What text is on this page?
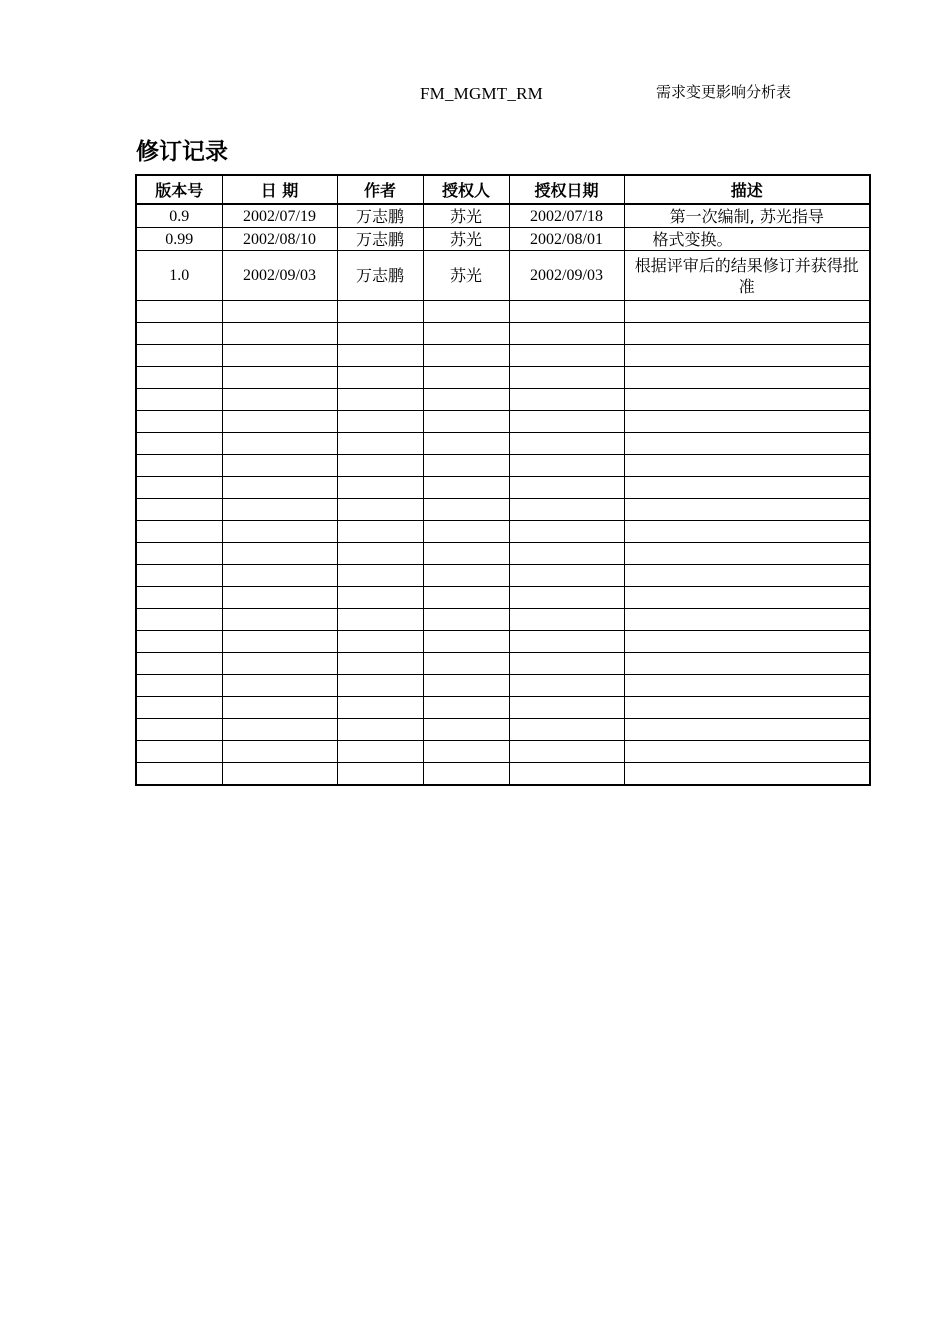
FM_MGMT_RM	需求变更影响分析表
修订记录
版本号	日 期	作者	授权人	授权日期	描述
0.9	2002/07/19	万志鹏	苏光	2002/07/18	第一次编制, 苏光指导
0.99	2002/08/10	万志鹏	苏光	2002/08/01	格式变换。
1.0	2002/09/03	万志鹏	苏光	2002/09/03	根据评审后的结果修订并获得批准
